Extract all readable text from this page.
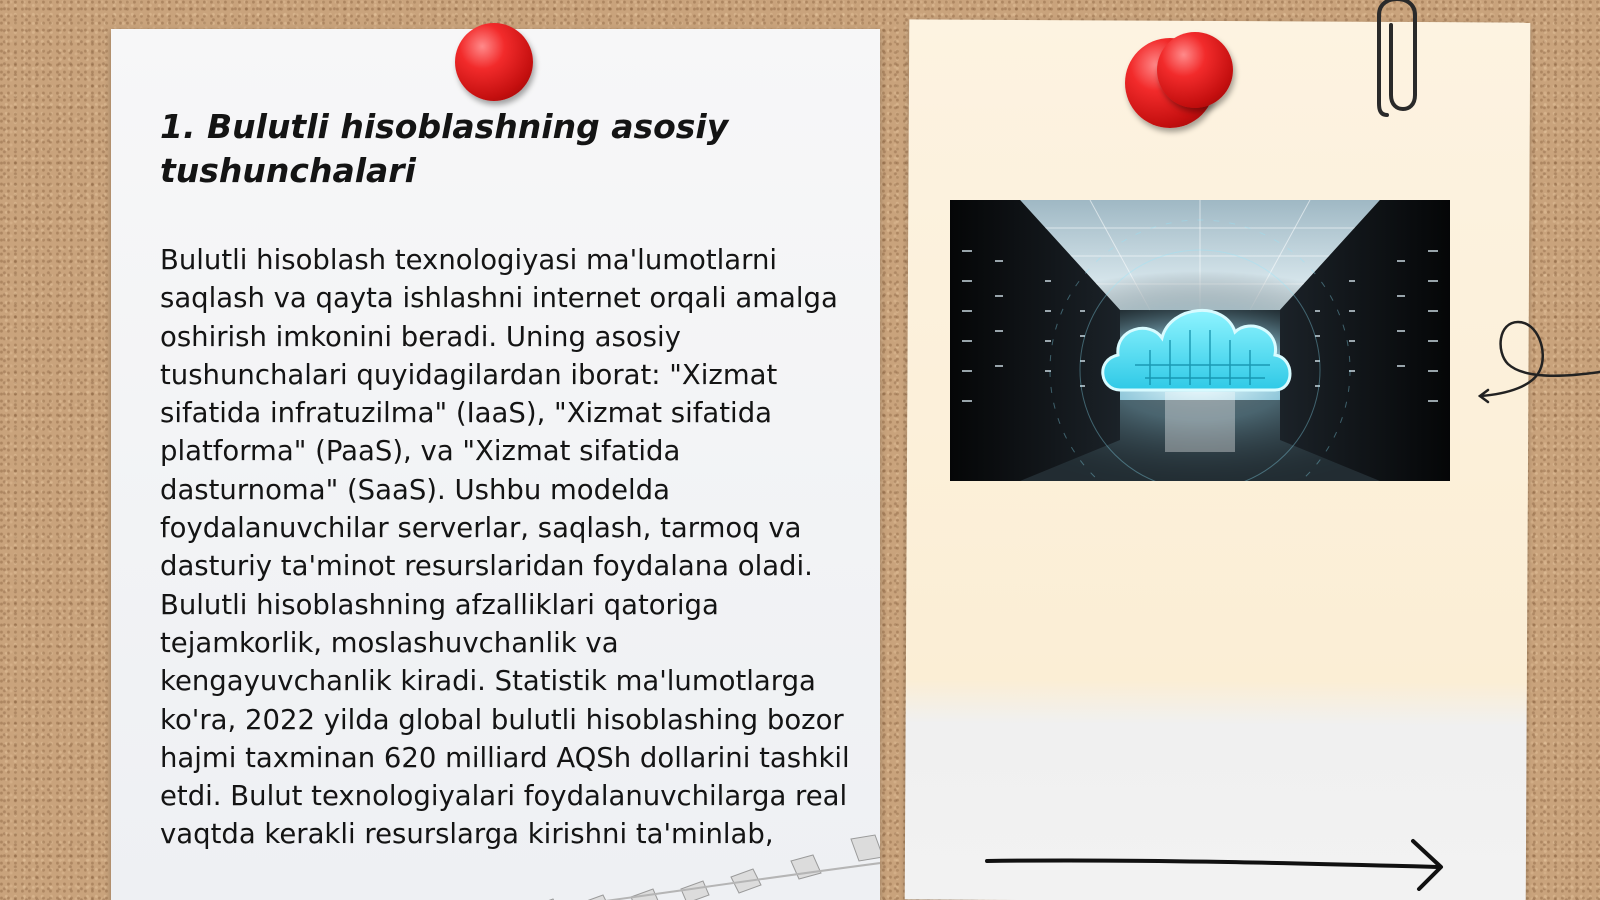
1. Bulutli hisoblashning asosiy tushunchalari

Bulutli hisoblash texnologiyasi ma'lumotlarni saqlash va qayta ishlashni internet orqali amalga oshirish imkonini beradi. Uning asosiy tushunchalari quyidagilardan iborat: "Xizmat sifatida infratuzilma" (IaaS), "Xizmat sifatida platforma" (PaaS), va "Xizmat sifatida dasturnoma" (SaaS). Ushbu modelda foydalanuvchilar serverlar, saqlash, tarmoq va dasturiy ta'minot resurslaridan foydalana oladi. Bulutli hisoblashning afzalliklari qatoriga tejamkorlik, moslashuvchanlik va kengayuvchanlik kiradi. Statistik ma'lumotlarga ko'ra, 2022 yilda global bulutli hisoblashing bozor hajmi taxminan 620 milliard AQSh dollarini tashkil etdi. Bulut texnologiyalari foydalanuvchilarga real vaqtda kerakli resurslarga kirishni ta'minlab,
